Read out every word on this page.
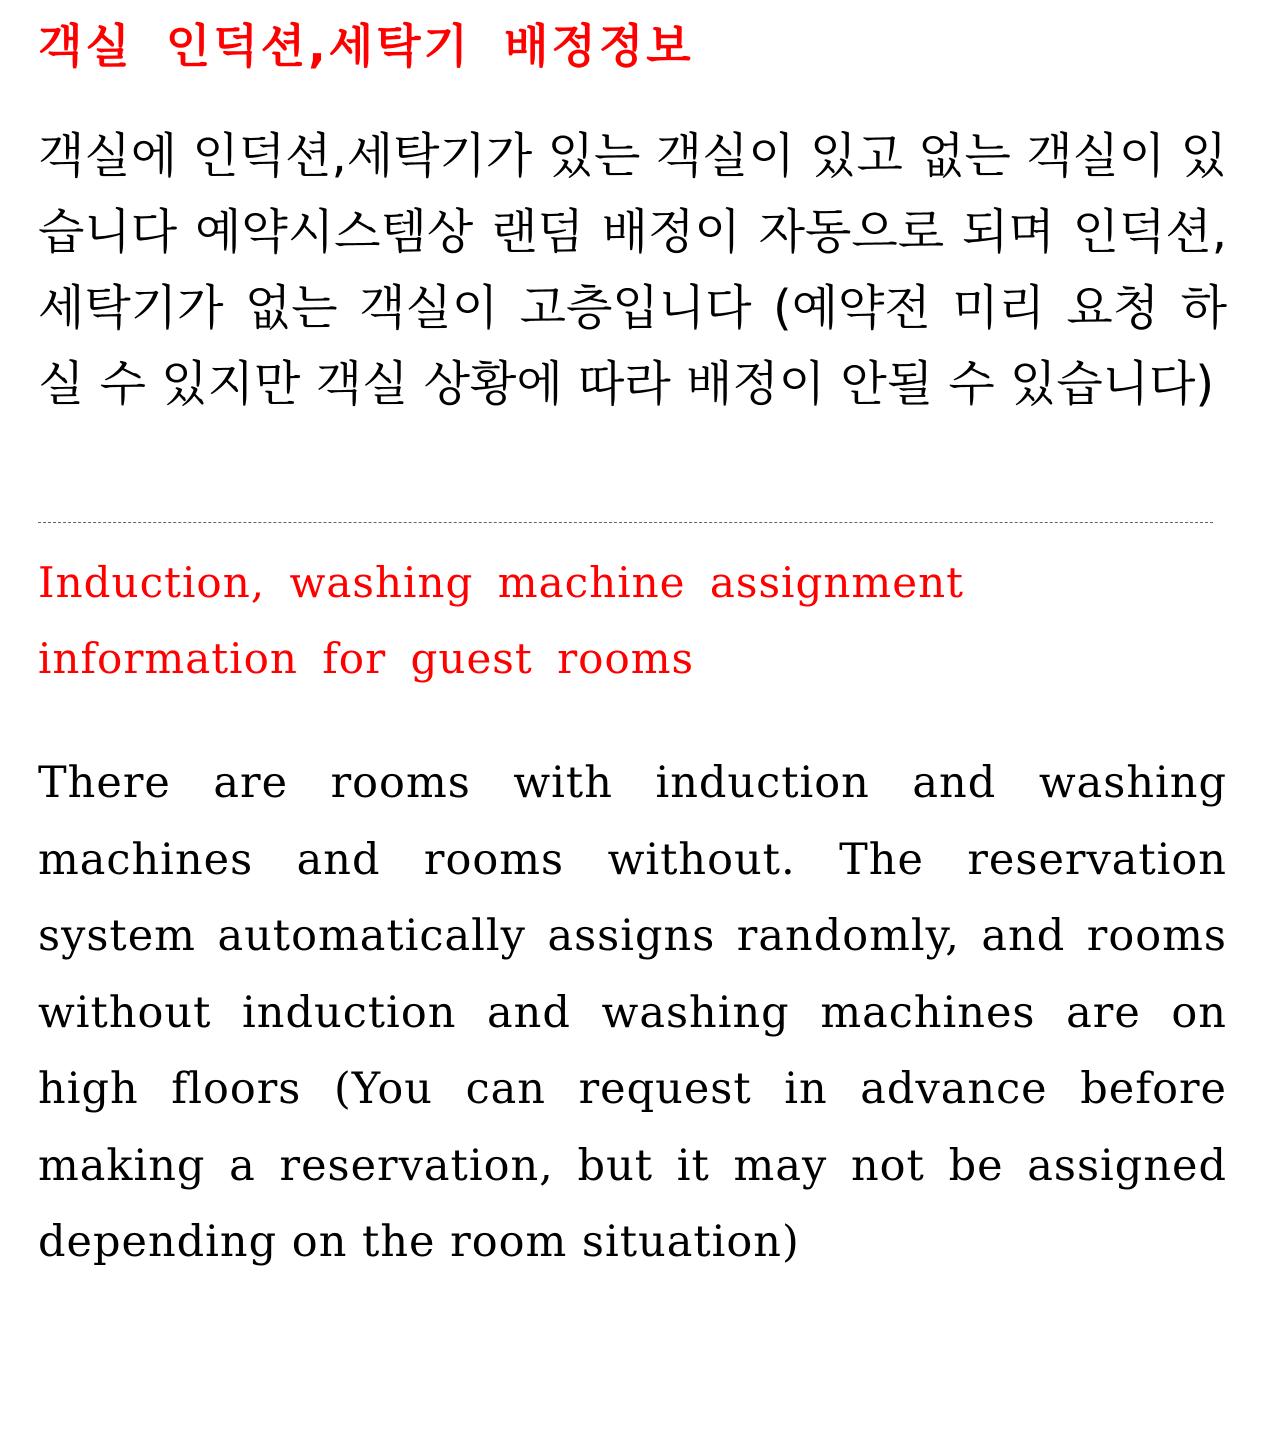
객실 인덕션,세탁기 배정정보

객실에 인덕션,세탁기가 있는 객실이 있고 없는 객실이 있습니다 예약시스템상 랜덤 배정이 자동으로 되며 인덕션,세탁기가 없는 객실이 고층입니다 (예약전 미리 요청 하실 수 있지만 객실 상황에 따라 배정이 안될 수 있습니다)

Induction, washing machine assignment information for guest rooms

There are rooms with induction and washing machines and rooms without. The reservation system automatically assigns randomly, and rooms without induction and washing machines are on high floors (You can request in advance before making a reservation, but it may not be assigned depending on the room situation)
